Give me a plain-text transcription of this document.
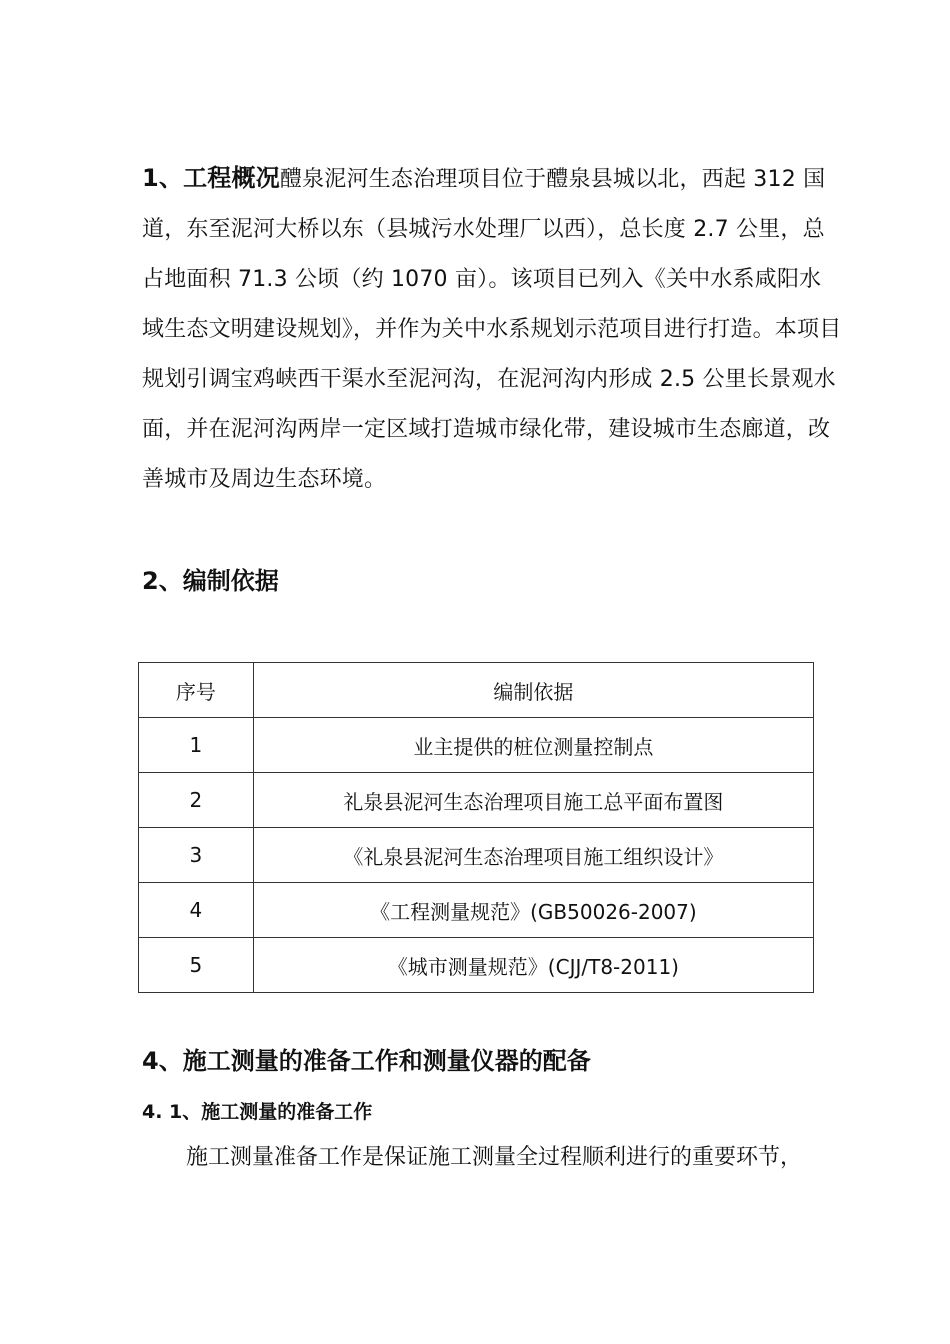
1、工程概况醴泉泥河生态治理项目位于醴泉县城以北，西起 312 国道，东至泥河大桥以东（县城污水处理厂以西），总长度 2.7 公里，总占地面积 71.3 公顷（约 1070 亩）。该项目已列入《关中水系咸阳水域生态文明建设规划》，并作为关中水系规划示范项目进行打造。本项目规划引调宝鸡峡西干渠水至泥河沟，在泥河沟内形成 2.5 公里长景观水面，并在泥河沟两岸一定区域打造城市绿化带，建设城市生态廊道，改善城市及周边生态环境。
2、编制依据
序号	编制依据
1	业主提供的桩位测量控制点
2	礼泉县泥河生态治理项目施工总平面布置图
3	《礼泉县泥河生态治理项目施工组织设计》
4	《工程测量规范》(GB50026-2007)
5	《城市测量规范》(CJJ/T8-2011)
4、施工测量的准备工作和测量仪器的配备
4. 1、施工测量的准备工作
施工测量准备工作是保证施工测量全过程顺利进行的重要环节，
